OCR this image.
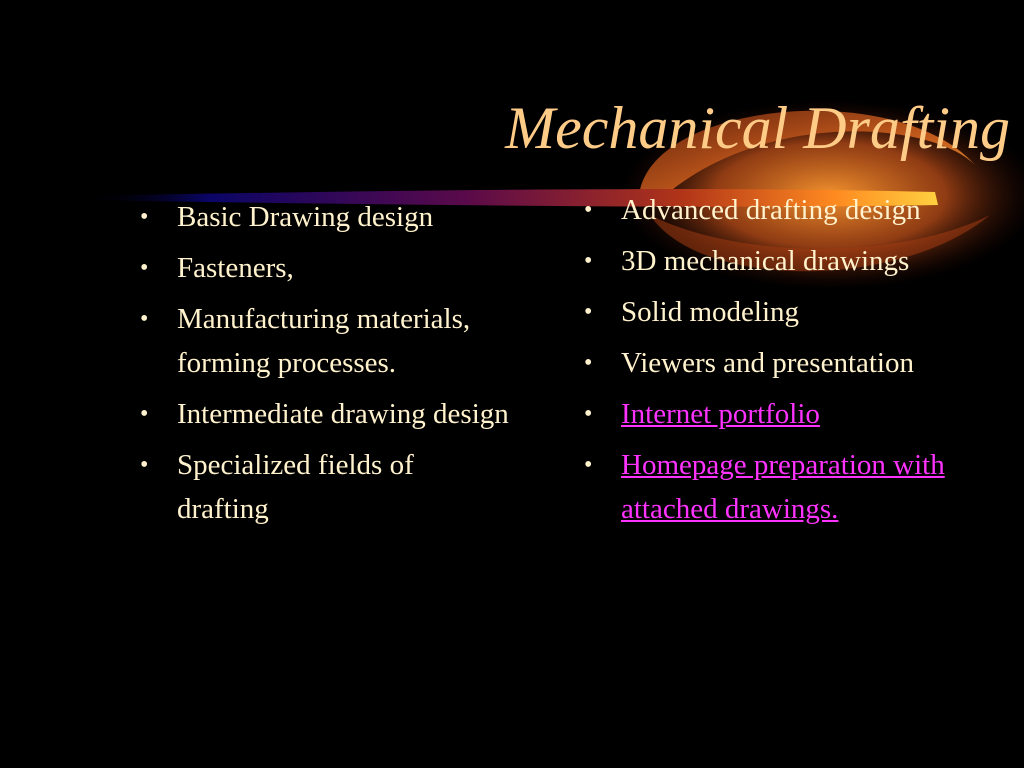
Mechanical Drafting
• Basic Drawing design
• Fasteners,
• Manufacturing materials, forming processes.
• Intermediate drawing design
• Specialized fields of drafting
• Advanced drafting design
• 3D mechanical drawings
• Solid modeling
• Viewers and presentation
• Internet portfolio
• Homepage preparation with attached drawings.
